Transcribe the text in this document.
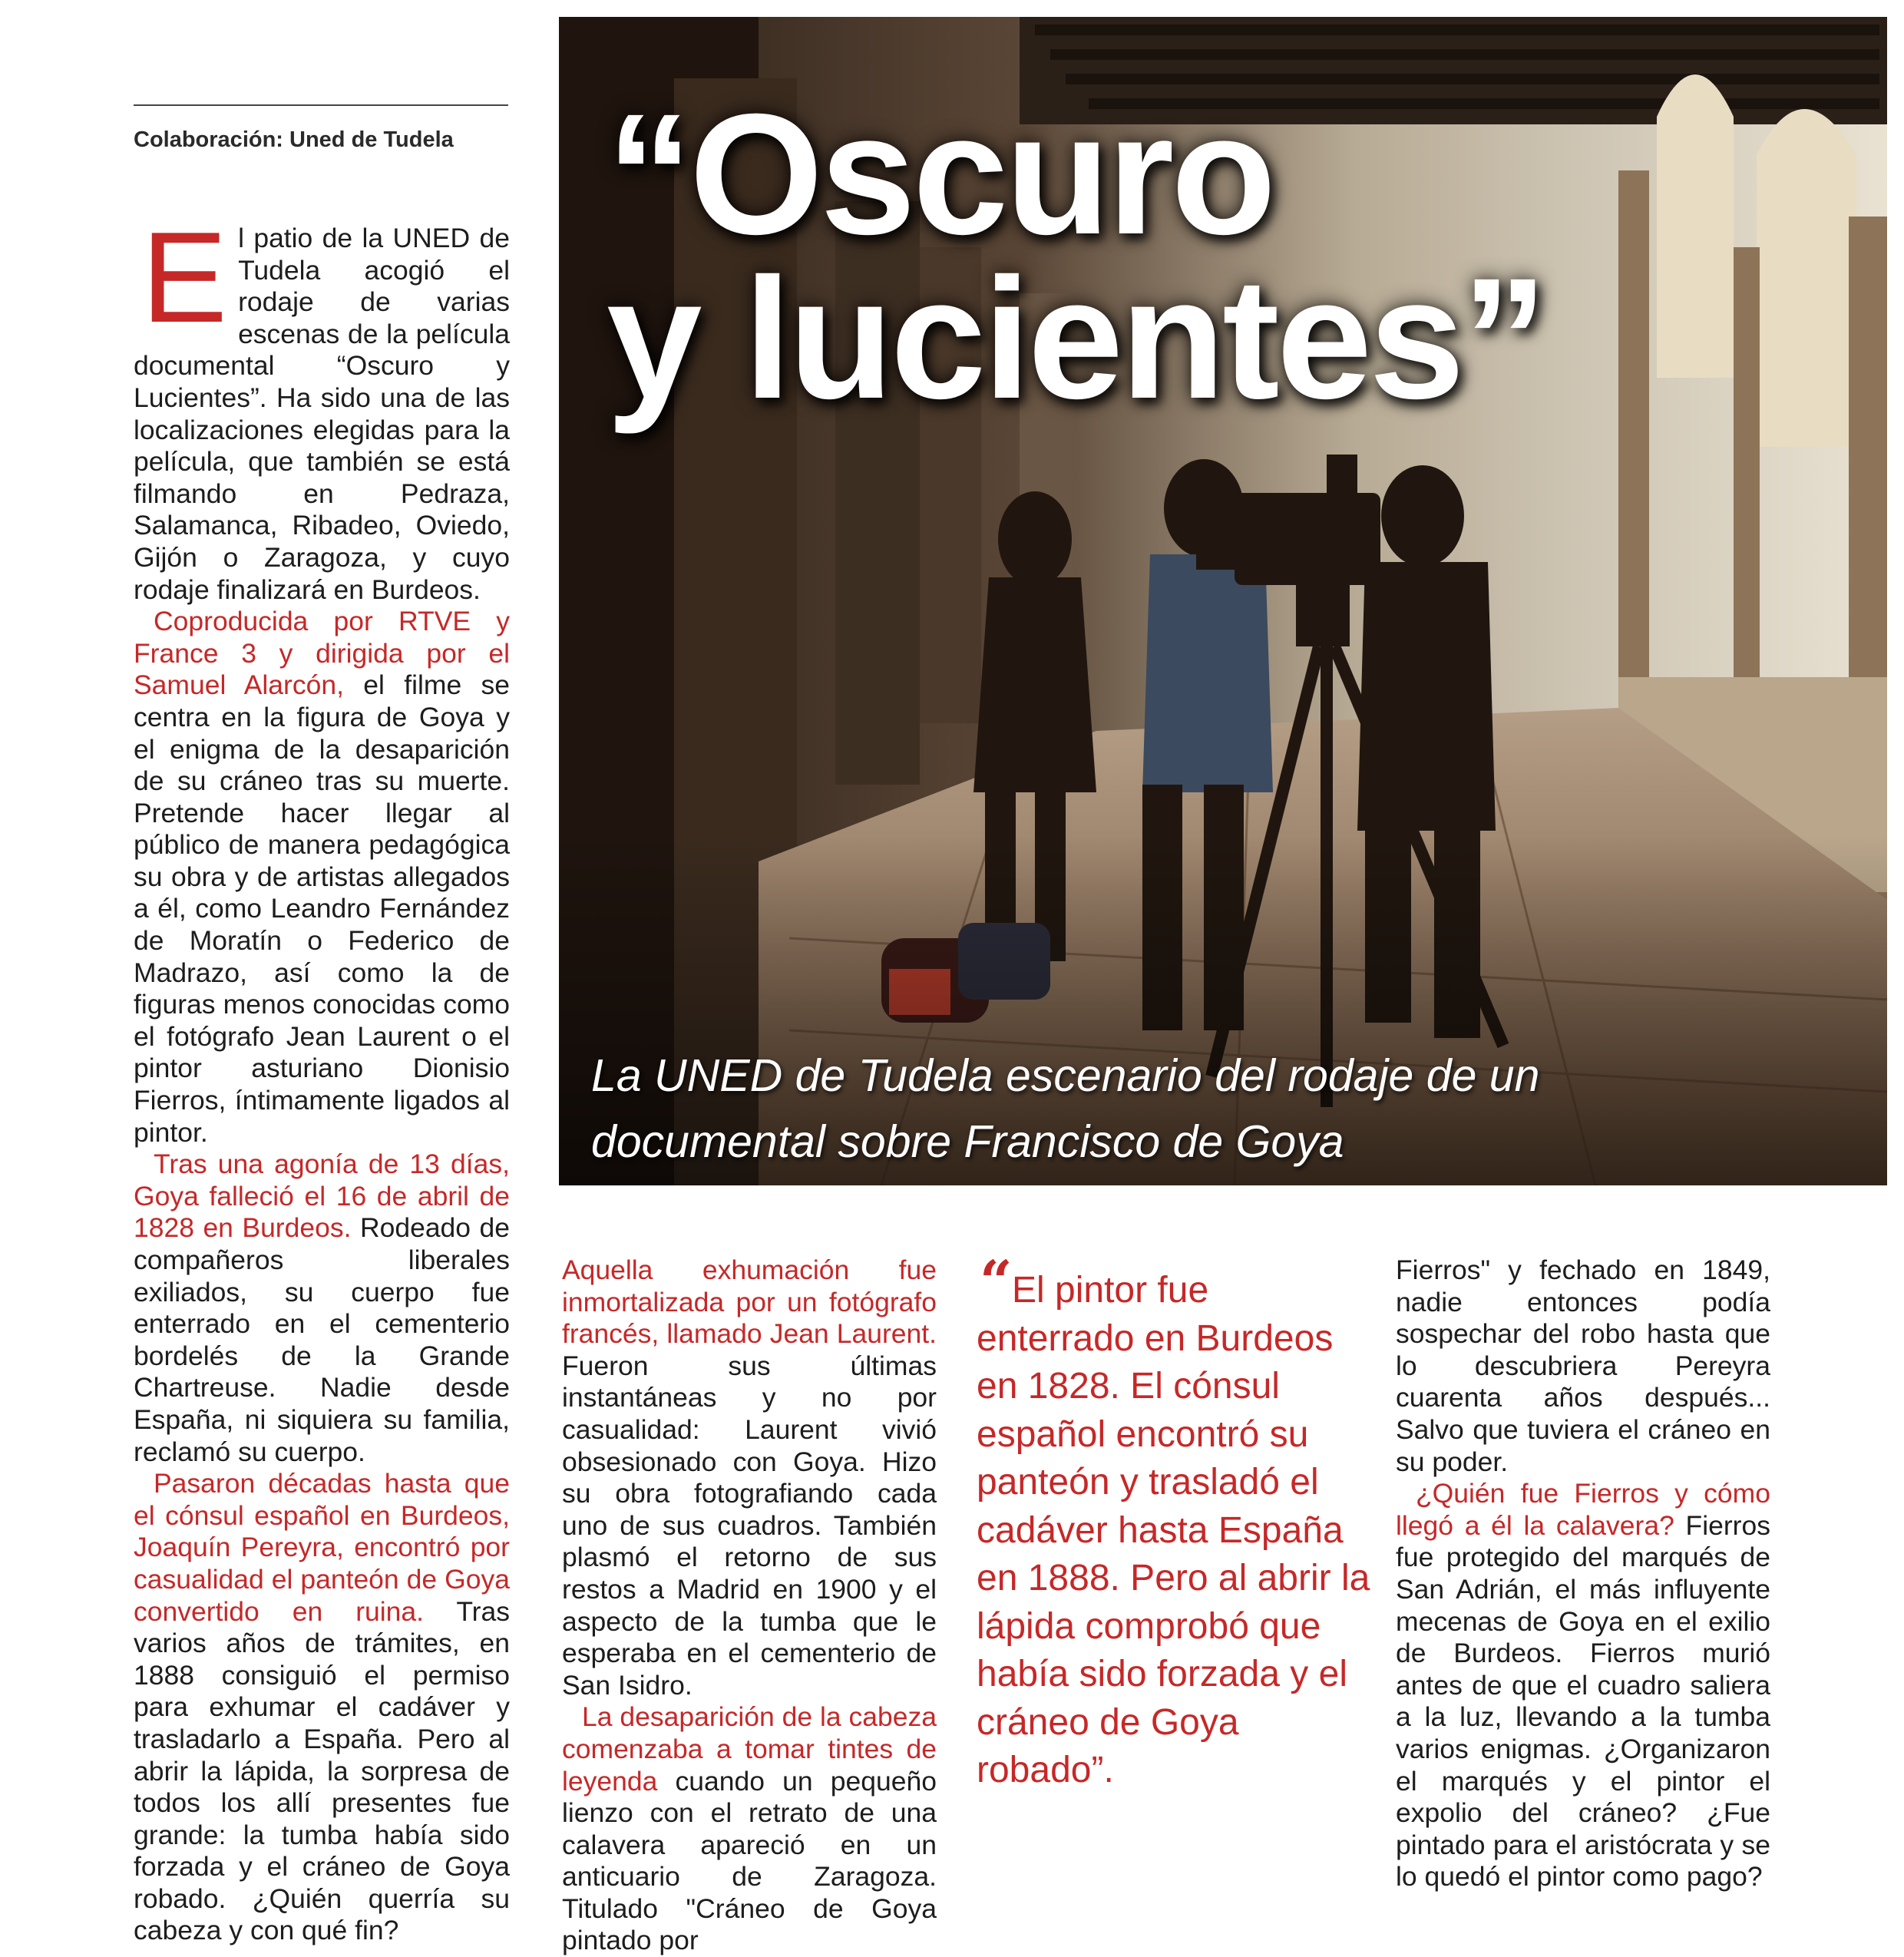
Colaboración: Uned de Tudela “Oscuro
y lucientes”
La UNED de Tudela escenario del rodaje de un
documental sobre Francisco de Goya

El patio de la UNED de Tudela acogió el rodaje de varias escenas de la película documental “Oscuro y Lucientes”. Ha sido una de las localizaciones elegidas para la película, que también se está filmando en Pedraza, Salamanca, Ribadeo, Oviedo, Gijón o Zaragoza, y cuyo rodaje finalizará en Burdeos.

Coproducida por RTVE y France 3 y dirigida por el Samuel Alarcón, el filme se centra en la figura de Goya y el enigma de la desaparición de su cráneo tras su muerte. Pretende hacer llegar al público de manera pedagógica su obra y de artistas allegados a él, como Leandro Fernández de Moratín o Federico de Madrazo, así como la de figuras menos conocidas como el fotógrafo Jean Laurent o el pintor asturiano Dionisio Fierros, íntimamente ligados al pintor.

Tras una agonía de 13 días, Goya falleció el 16 de abril de 1828 en Burdeos. Rodeado de compañeros liberales exiliados, su cuerpo fue enterrado en el cementerio bordelés de la Grande Chartreuse. Nadie desde España, ni siquiera su familia, reclamó su cuerpo.

Pasaron décadas hasta que el cónsul español en Burdeos, Joaquín Pereyra, encontró por casualidad el panteón de Goya convertido en ruina. Tras varios años de trámites, en 1888 consiguió el permiso para exhumar el cadáver y trasladarlo a España. Pero al abrir la lápida, la sorpresa de todos los allí presentes fue grande: la tumba había sido forzada y el cráneo de Goya robado. ¿Quién querría su cabeza y con qué fin?

Aquella exhumación fue inmortalizada por un fotógrafo francés, llamado Jean Laurent. Fueron sus últimas instantáneas y no por casualidad: Laurent vivió obsesionado con Goya. Hizo su obra fotografiando cada uno de sus cuadros. También plasmó el retorno de sus restos a Madrid en 1900 y el aspecto de la tumba que le esperaba en el cementerio de San Isidro.

La desaparición de la cabeza comenzaba a tomar tintes de leyenda cuando un pequeño lienzo con el retrato de una calavera apareció en un anticuario de Zaragoza. Titulado "Cráneo de Goya pintado por

“ El pintor fue enterrado en Burdeos en 1828. El cónsul español encontró su panteón y trasladó el cadáver hasta España en 1888. Pero al abrir la lápida comprobó que había sido forzada y el cráneo de Goya robado”.

Fierros" y fechado en 1849, nadie entonces podía sospechar del robo hasta que lo descubriera Pereyra cuarenta años después... Salvo que tuviera el cráneo en su poder.

¿Quién fue Fierros y cómo llegó a él la calavera? Fierros fue protegido del marqués de San Adrián, el más influyente mecenas de Goya en el exilio de Burdeos. Fierros murió antes de que el cuadro saliera a la luz, llevando a la tumba varios enigmas. ¿Organizaron el marqués y el pintor el expolio del cráneo? ¿Fue pintado para el aristócrata y se lo quedó el pintor como pago?
